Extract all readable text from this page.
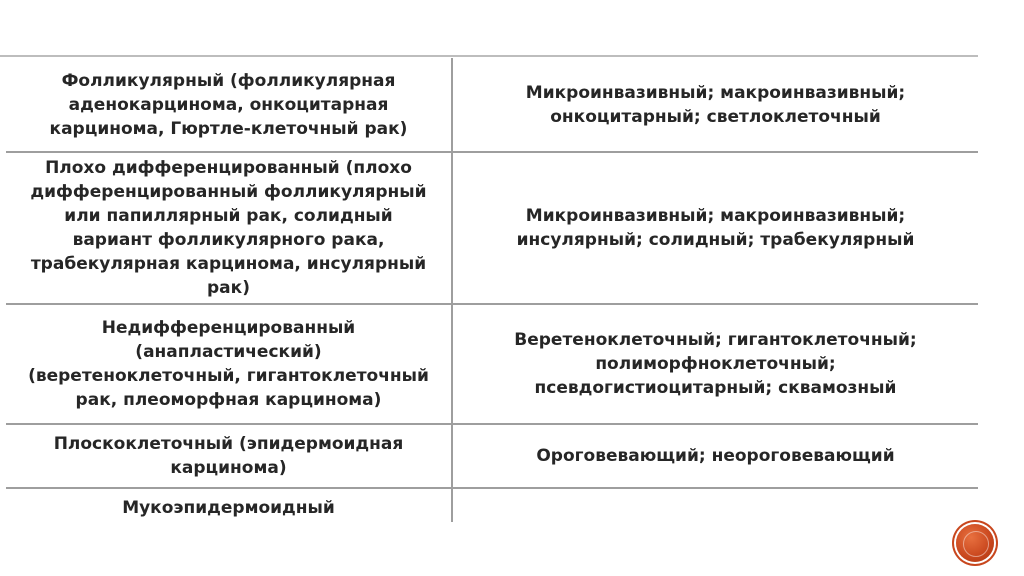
Фолликулярный (фолликулярная аденокарцинома, онкоцитарная карцинома, Гюртле-клеточный рак)	Микроинвазивный; макроинвазивный; онкоцитарный; светлоклеточный
Плохо дифференцированный (плохо дифференцированный фолликулярный или папиллярный рак, солидный вариант фолликулярного рака, трабекулярная карцинома, инсулярный рак)	Микроинвазивный; макроинвазивный; инсулярный; солидный; трабекулярный
Недифференцированный (анапластический) (веретеноклеточный, гигантоклеточный рак, плеоморфная карцинома)	Веретеноклеточный; гигантоклеточный; полиморфноклеточный; псевдогистиоцитарный; сквамозный
Плоскоклеточный (эпидермоидная карцинома)	Ороговевающий; неороговевающий
Мукоэпидермоидный	
